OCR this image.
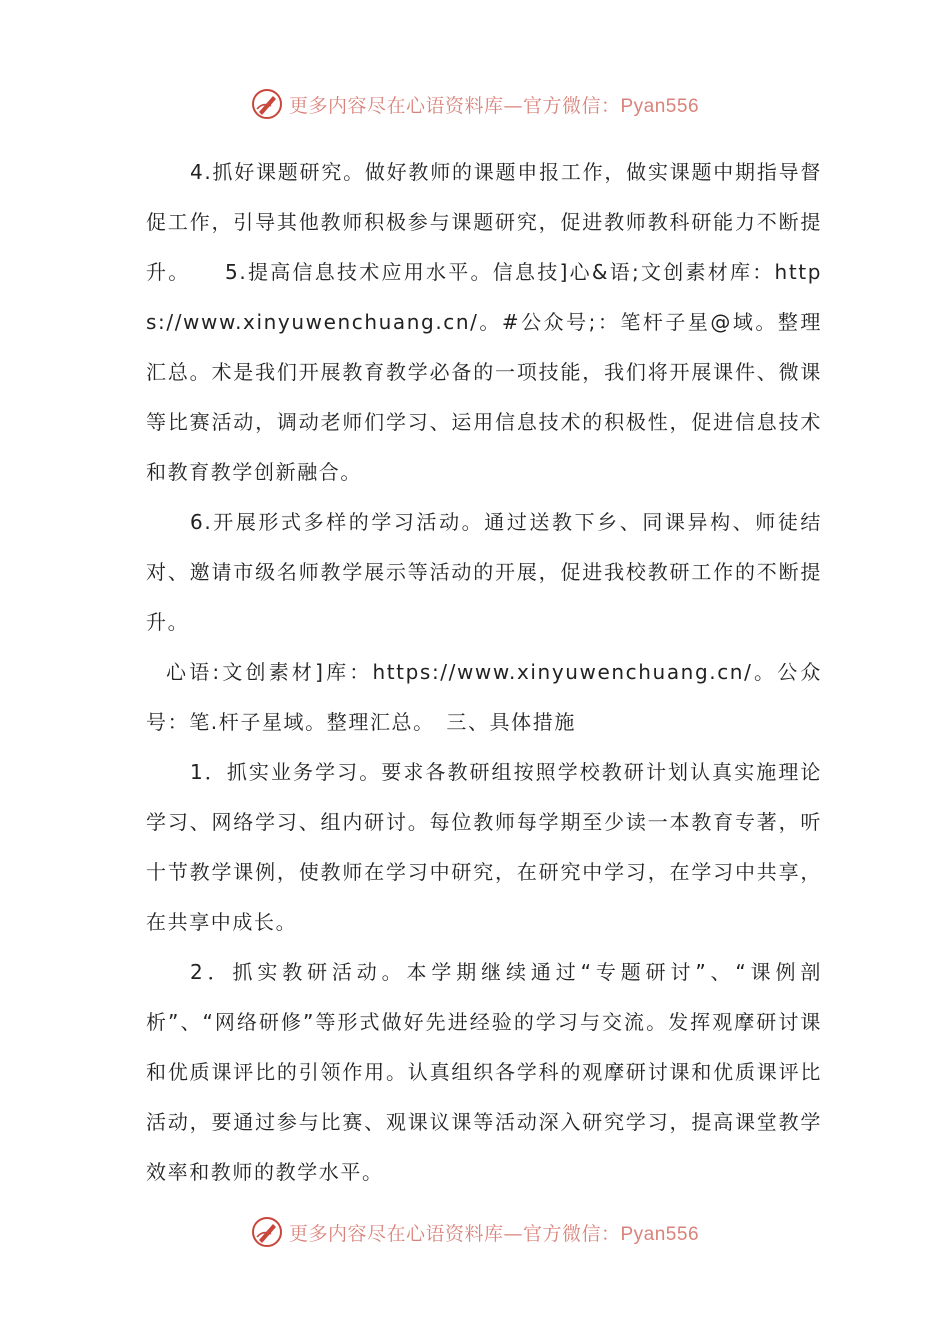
更多内容尽在心语资料库—官方微信：Pyan556

4.抓好课题研究。做好教师的课题申报工作，做实课题中期指导督促工作，引导其他教师积极参与课题研究，促进教师教科研能力不断提升。　　5.提高信息技术应用水平。信息技]心&语;文创素材库：https://www.xinyuwenchuang.cn/。#公众号;：笔杆子星@域。整理汇总。术是我们开展教育教学必备的一项技能，我们将开展课件、微课等比赛活动，调动老师们学习、运用信息技术的积极性，促进信息技术和教育教学创新融合。

6.开展形式多样的学习活动。通过送教下乡、同课异构、师徒结对、邀请市级名师教学展示等活动的开展，促进我校教研工作的不断提升。

心语:文创素材]库：https://www.xinyuwenchuang.cn/。公众号：笔.杆子星域。整理汇总。　三、具体措施

1．抓实业务学习。要求各教研组按照学校教研计划认真实施理论学习、网络学习、组内研讨。每位教师每学期至少读一本教育专著，听十节教学课例，使教师在学习中研究，在研究中学习，在学习中共享，在共享中成长。

2．抓实教研活动。本学期继续通过“专题研讨”、“课例剖析”、“网络研修”等形式做好先进经验的学习与交流。发挥观摩研讨课和优质课评比的引领作用。认真组织各学科的观摩研讨课和优质课评比活动，要通过参与比赛、观课议课等活动深入研究学习，提高课堂教学效率和教师的教学水平。

更多内容尽在心语资料库—官方微信：Pyan556
